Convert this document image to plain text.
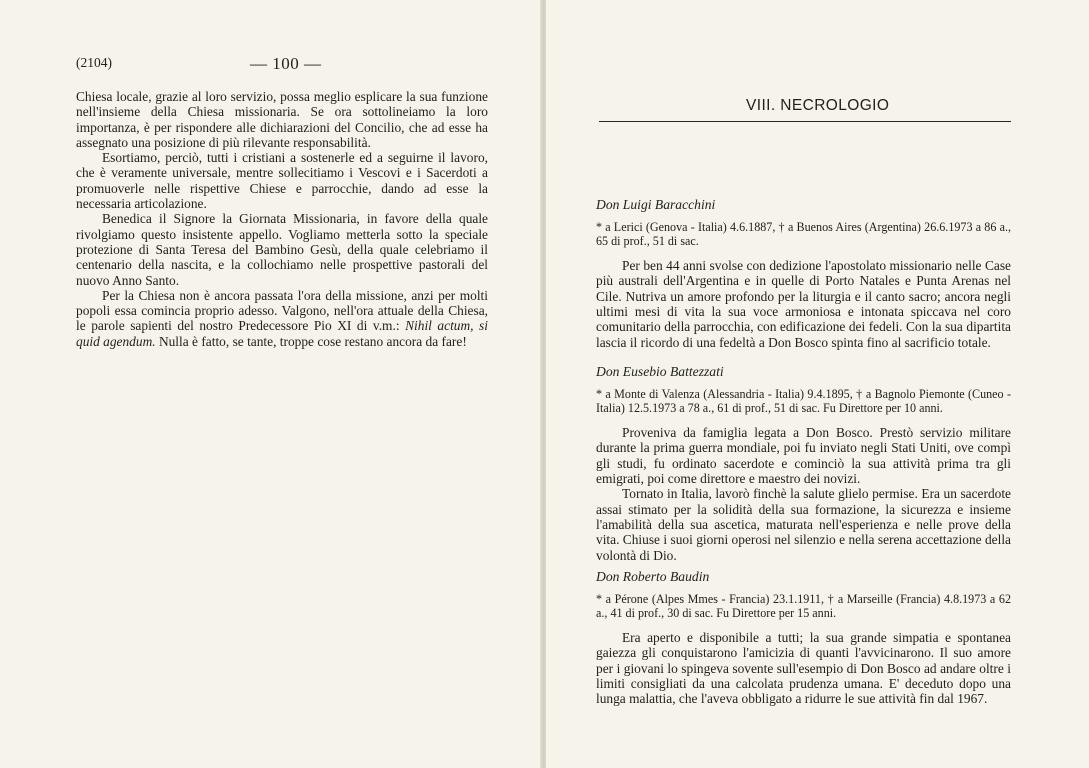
(2104)	— 100 —

Chiesa locale, grazie al loro servizio, possa meglio esplicare la sua funzione nell'insieme della Chiesa missionaria. Se ora sottolineiamo la loro importanza, è per rispondere alle dichiarazioni del Concilio, che ad esse ha assegnato una posizione di più rilevante responsabilità.

Esortiamo, perciò, tutti i cristiani a sostenerle ed a seguirne il lavoro, che è veramente universale, mentre sollecitiamo i Vescovi e i Sacerdoti a promuoverle nelle rispettive Chiese e parrocchie, dando ad esse la necessaria articolazione.

Benedica il Signore la Giornata Missionaria, in favore della quale rivolgiamo questo insistente appello. Vogliamo metterla sotto la speciale protezione di Santa Teresa del Bambino Gesù, della quale celebriamo il centenario della nascita, e la collochiamo nelle prospettive pastorali del nuovo Anno Santo.

Per la Chiesa non è ancora passata l'ora della missione, anzi per molti popoli essa comincia proprio adesso. Valgono, nell'ora attuale della Chiesa, le parole sapienti del nostro Predecessore Pio XI di v.m.: Nihil actum, si quid agendum. Nulla è fatto, se tante, troppe cose restano ancora da fare!

VIII. NECROLOGIO

Don Luigi Baracchini

* a Lerici (Genova - Italia) 4.6.1887, † a Buenos Aires (Argentina) 26.6.1973 a 86 a., 65 di prof., 51 di sac.

Per ben 44 anni svolse con dedizione l'apostolato missionario nelle Case più australi dell'Argentina e in quelle di Porto Natales e Punta Arenas nel Cile. Nutriva un amore profondo per la liturgia e il canto sacro; ancora negli ultimi mesi di vita la sua voce armoniosa e intonata spiccava nel coro comunitario della parrocchia, con edificazione dei fedeli. Con la sua dipartita lascia il ricordo di una fedeltà a Don Bosco spinta fino al sacrificio totale.

Don Eusebio Battezzati

* a Monte di Valenza (Alessandria - Italia) 9.4.1895, † a Bagnolo Piemonte (Cuneo - Italia) 12.5.1973 a 78 a., 61 di prof., 51 di sac. Fu Direttore per 10 anni.

Proveniva da famiglia legata a Don Bosco. Prestò servizio militare durante la prima guerra mondiale, poi fu inviato negli Stati Uniti, ove compì gli studi, fu ordinato sacerdote e cominciò la sua attività prima tra gli emigrati, poi come direttore e maestro dei novizi.

Tornato in Italia, lavorò finchè la salute glielo permise. Era un sacerdote assai stimato per la solidità della sua formazione, la sicurezza e insieme l'amabilità della sua ascetica, maturata nell'esperienza e nelle prove della vita. Chiuse i suoi giorni operosi nel silenzio e nella serena accettazione della volontà di Dio.

Don Roberto Baudin

* a Pérone (Alpes Mmes - Francia) 23.1.1911, † a Marseille (Francia) 4.8.1973 a 62 a., 41 di prof., 30 di sac. Fu Direttore per 15 anni.

Era aperto e disponibile a tutti; la sua grande simpatia e spontanea gaiezza gli conquistarono l'amicizia di quanti l'avvicinarono. Il suo amore per i giovani lo spingeva sovente sull'esempio di Don Bosco ad andare oltre i limiti consigliati da una calcolata prudenza umana. E' deceduto dopo una lunga malattia, che l'aveva obbligato a ridurre le sue attività fin dal 1967.
